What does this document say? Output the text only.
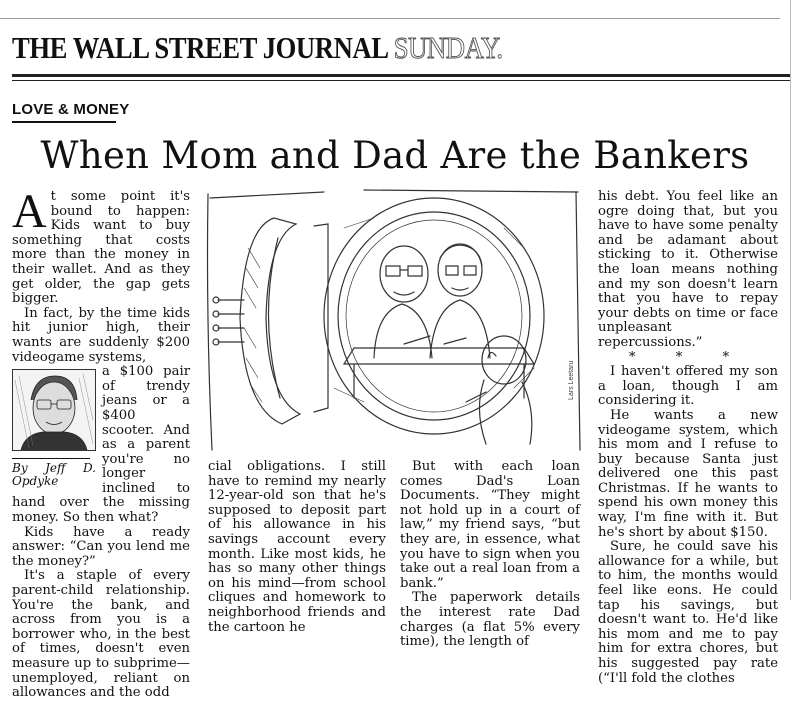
THE WALL STREET JOURNAL SUNDAY.
LOVE & MONEY
When Mom and Dad Are the Bankers
A t some point it's bound to happen: Kids want to buy something that costs more than the money in their wallet. And as they get older, the gap gets bigger.

In fact, by the time kids hit junior high, their wants are suddenly $200 videogame systems,

By Jeff D. Opdyke

a $100 pair of trendy jeans or a $400 scooter. And as a parent you're no longer inclined to hand over the missing money. So then what?

Kids have a ready answer: “Can you lend me the money?”

It's a staple of every parent-child relationship. You're the bank, and across from you is a borrower who, in the best of times, doesn't even measure up to subprime—unemployed, reliant on allowances and the odd

Lars Leetaru

cial obligations. I still have to remind my nearly 12-year-old son that he's supposed to deposit part of his allowance in his savings account every month. Like most kids, he has so many other things on his mind—from school cliques and homework to neighborhood friends and the cartoon he

But with each loan comes Dad's Loan Documents. “They might not hold up in a court of law,” my friend says, “but they are, in essence, what you have to sign when you take out a real loan from a bank.”

The paperwork details the interest rate Dad charges (a flat 5% every time), the length of

his debt. You feel like an ogre doing that, but you have to have some penalty and be adamant about sticking to it. Otherwise the loan means nothing and my son doesn't learn that you have to repay your debts on time or face unpleasant repercussions.”

* * *

I haven't offered my son a loan, though I am considering it.

He wants a new videogame system, which his mom and I refuse to buy because Santa just delivered one this past Christmas. If he wants to spend his own money this way, I'm fine with it. But he's short by about $150.

Sure, he could save his allowance for a while, but to him, the months would feel like eons. He could tap his savings, but doesn't want to. He'd like his mom and me to pay him for extra chores, but his suggested pay rate (“I'll fold the clothes
